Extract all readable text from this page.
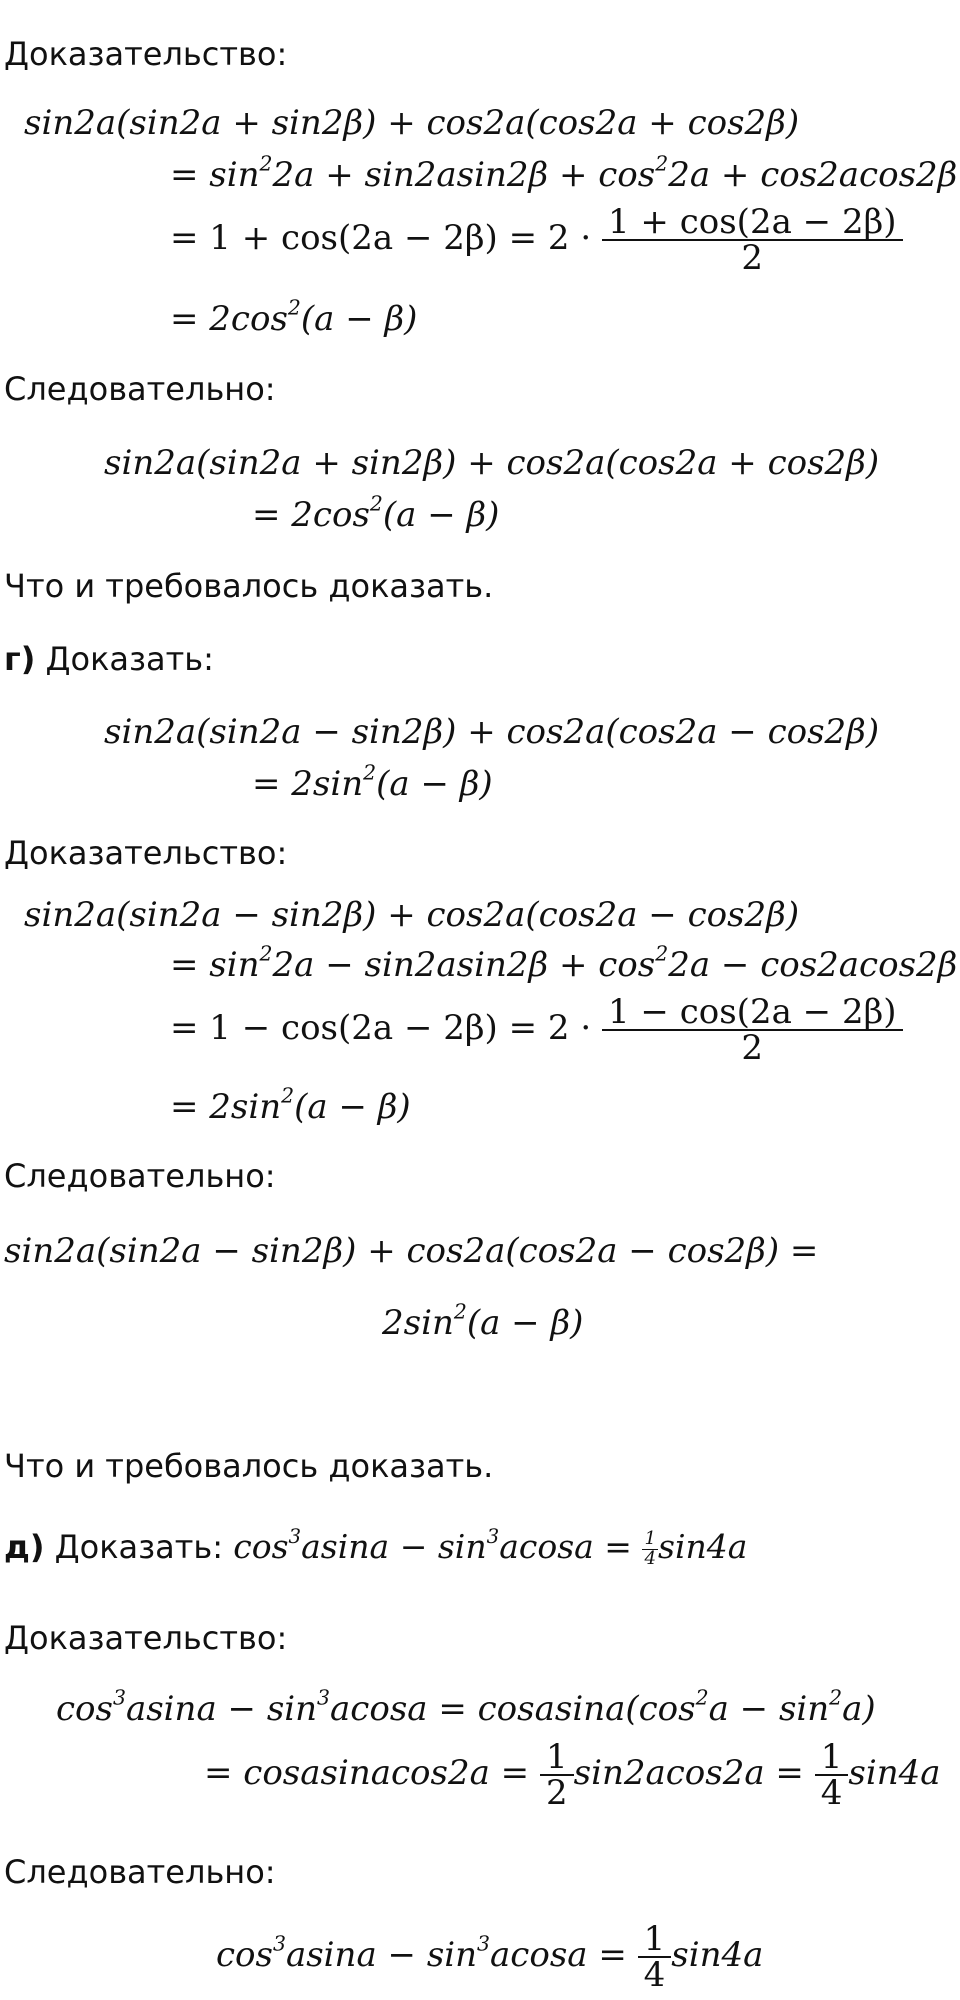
Доказательство:
sin2a(sin2a + sin2β) + cos2a(cos2a + cos2β)
= $\sin^22a + \sin 2asin2\beta + \cos^22a + \cos 2acos2\beta$
= $1 + \cos(2a - 2\beta) = 2 \cdot \frac{1 + \cos(2a - 2\beta)}{2}$
= $2\cos^2(a - \beta)$
Следовательно:
sin2a(sin2a + sin2β) + cos2a(cos2a + cos2β)
= $2\cos^2(a - \beta)$
Что и требовалось доказать.
г) Доказать:
sin2a(sin2a − sin2β) + cos2a(cos2a − cos2β)
= $2\sin^2(a - \beta)$
Доказательство:
sin2a(sin2a − sin2β) + cos2a(cos2a − cos2β)
= $\sin^22a - \sin 2asin2\beta + \cos^22a - \cos 2acos2\beta$
= $1 - \cos(2a - 2\beta) = 2 \cdot \frac{1 - \cos(2a - 2\beta)}{2}$
= $2\sin^2(a - \beta)$
Следовательно:
sin2a(sin2a − sin2β) + cos2a(cos2a − cos2β) =
$2\sin^2(a - \beta)$
Что и требовалось доказать.
д) Доказать: $\cos^3asina - \sin^3acosa = \frac{1}{4} \sin 4a$
Доказательство:
$\cos^3asina - \sin^3acosa$ = $cosasina(\cos^2a - \sin^2a)$
= cosasinacos2a = $\frac{1}{2} \sin 2acos2a = \frac{1}{4} \sin 4a$
Следовательно:
$\cos^3asina - \sin^3acosa = \frac{1}{4} \sin 4a$
